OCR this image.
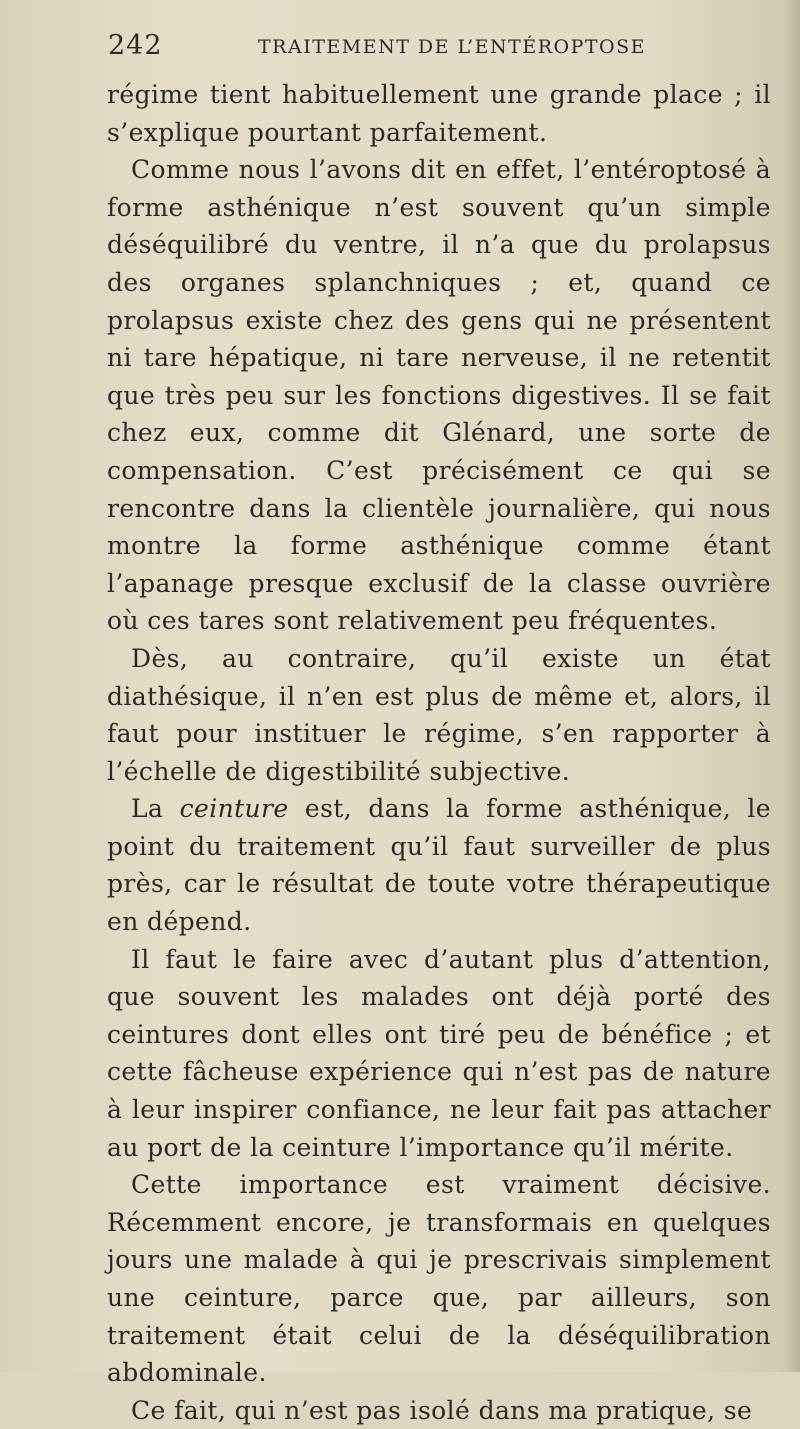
242	TRAITEMENT DE L’ENTÉROPTOSE

régime tient habituellement une grande place ; il s’explique pourtant parfaitement.

Comme nous l’avons dit en effet, l’entéroptosé à forme asthénique n’est souvent qu’un simple déséquilibré du ventre, il n’a que du prolapsus des organes splanchniques ; et, quand ce prolapsus existe chez des gens qui ne présentent ni tare hépatique, ni tare nerveuse, il ne retentit que très peu sur les fonctions digestives. Il se fait chez eux, comme dit Glénard, une sorte de compensation. C’est précisément ce qui se rencontre dans la clientèle journalière, qui nous montre la forme asthénique comme étant l’apanage presque exclusif de la classe ouvrière où ces tares sont relativement peu fréquentes.

Dès, au contraire, qu’il existe un état diathésique, il n’en est plus de même et, alors, il faut pour instituer le régime, s’en rapporter à l’échelle de digestibilité subjective.

La ceinture est, dans la forme asthénique, le point du traitement qu’il faut surveiller de plus près, car le résultat de toute votre thérapeutique en dépend.

Il faut le faire avec d’autant plus d’attention, que souvent les malades ont déjà porté des ceintures dont elles ont tiré peu de bénéfice ; et cette fâcheuse expérience qui n’est pas de nature à leur inspirer confiance, ne leur fait pas attacher au port de la ceinture l’importance qu’il mérite.

Cette importance est vraiment décisive. Récemment encore, je transformais en quelques jours une malade à qui je prescrivais simplement une ceinture, parce que, par ailleurs, son traitement était celui de la déséquilibration abdominale.

Ce fait, qui n’est pas isolé dans ma pratique, se
